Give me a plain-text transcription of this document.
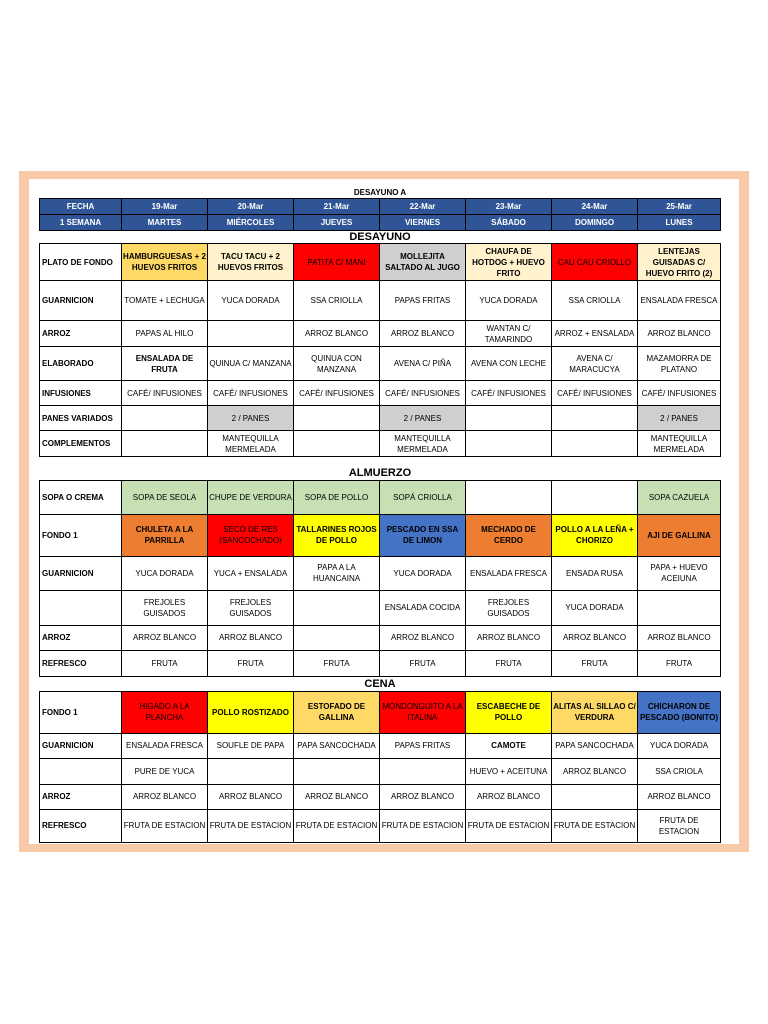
DESAYUNO A							
FECHA	19-Mar	20-Mar	21-Mar	22-Mar	23-Mar	24-Mar	25-Mar
1 SEMANA	MARTES	MIÉRCOLES	JUEVES	VIERNES	SÁBADO	DOMINGO	LUNES
DESAYUNO							
PLATO DE FONDO	HAMBURGUESAS + 2 HUEVOS FRITOS	TACU TACU + 2 HUEVOS FRITOS	PATITA C/ MANI	MOLLEJITA SALTADO AL JUGO	CHAUFA DE HOTDOG + HUEVO FRITO	CAU CAU CRIOLLO	LENTEJAS GUISADAS C/ HUEVO FRITO (2)
GUARNICION	TOMATE + LECHUGA	YUCA DORADA	SSA CRIOLLA	PAPAS FRITAS	YUCA DORADA	SSA CRIOLLA	ENSALADA FRESCA
ARROZ	PAPAS AL HILO		ARROZ BLANCO	ARROZ BLANCO	WANTAN C/ TAMARINDO	ARROZ + ENSALADA	ARROZ BLANCO
ELABORADO	ENSALADA DE FRUTA	QUINUA C/ MANZANA	QUINUA CON MANZANA	AVENA C/ PIÑA	AVENA CON LECHE	AVENA C/ MARACUCYA	MAZAMORRA DE PLATANO
INFUSIONES	CAFÉ/ INFUSIONES	CAFÉ/ INFUSIONES	CAFÉ/ INFUSIONES	CAFÉ/ INFUSIONES	CAFÉ/ INFUSIONES	CAFÉ/ INFUSIONES	CAFÉ/ INFUSIONES
PANES VARIADOS		2 / PANES		2 / PANES			2 / PANES
COMPLEMENTOS		MANTEQUILLA MERMELADA		MANTEQUILLA MERMELADA			MANTEQUILLA MERMELADA
ALMUERZO							
SOPA O CREMA	SOPA DE SEOLA	CHUPE DE VERDURA	SOPA DE POLLO	SOPÁ CRIOLLA			SOPA CAZUELA
FONDO 1	CHULETA A LA PARRILLA	SECO DE RES (SANCOCHADO)	TALLARINES ROJOS DE POLLO	PESCADO EN SSA DE LIMON	MECHADO DE CERDO	POLLO A LA LEÑA + CHORIZO	AJI DE GALLINA
GUARNICION	YUCA DORADA	YUCA + ENSALADA	PAPA A LA HUANCAINA	YUCA DORADA	ENSALADA FRESCA	ENSADA RUSA	PAPA + HUEVO ACEIUNA
	FREJOLES GUISADOS	FREJOLES GUISADOS		ENSALADA COCIDA	FREJOLES GUISADOS	YUCA DORADA	
ARROZ	ARROZ BLANCO	ARROZ BLANCO		ARROZ BLANCO	ARROZ BLANCO	ARROZ BLANCO	ARROZ BLANCO
REFRESCO	FRUTA	FRUTA	FRUTA	FRUTA	FRUTA	FRUTA	FRUTA
CENA							
FONDO 1	HIGADO A LA PLANCHA	POLLO ROSTIZADO	ESTOFADO DE GALLINA	MONDONGUITO A LA ITALINA	ESCABECHE DE POLLO	ALITAS AL SILLAO C/ VERDURA	CHICHARON DE PESCADO (BONITO)
GUARNICION	ENSALADA FRESCA	SOUFLE DE PAPA	PAPA SANCOCHADA	PAPAS FRITAS	CAMOTE	PAPA SANCOCHADA	YUCA DORADA
	PURE DE YUCA				HUEVO + ACEITUNA	ARROZ BLANCO	SSA CRIOLA
ARROZ	ARROZ BLANCO	ARROZ BLANCO	ARROZ BLANCO	ARROZ BLANCO	ARROZ BLANCO		ARROZ BLANCO
REFRESCO	FRUTA DE ESTACION	FRUTA DE ESTACION	FRUTA DE ESTACION	FRUTA DE ESTACION	FRUTA DE ESTACION	FRUTA DE ESTACION	FRUTA DE ESTACION
